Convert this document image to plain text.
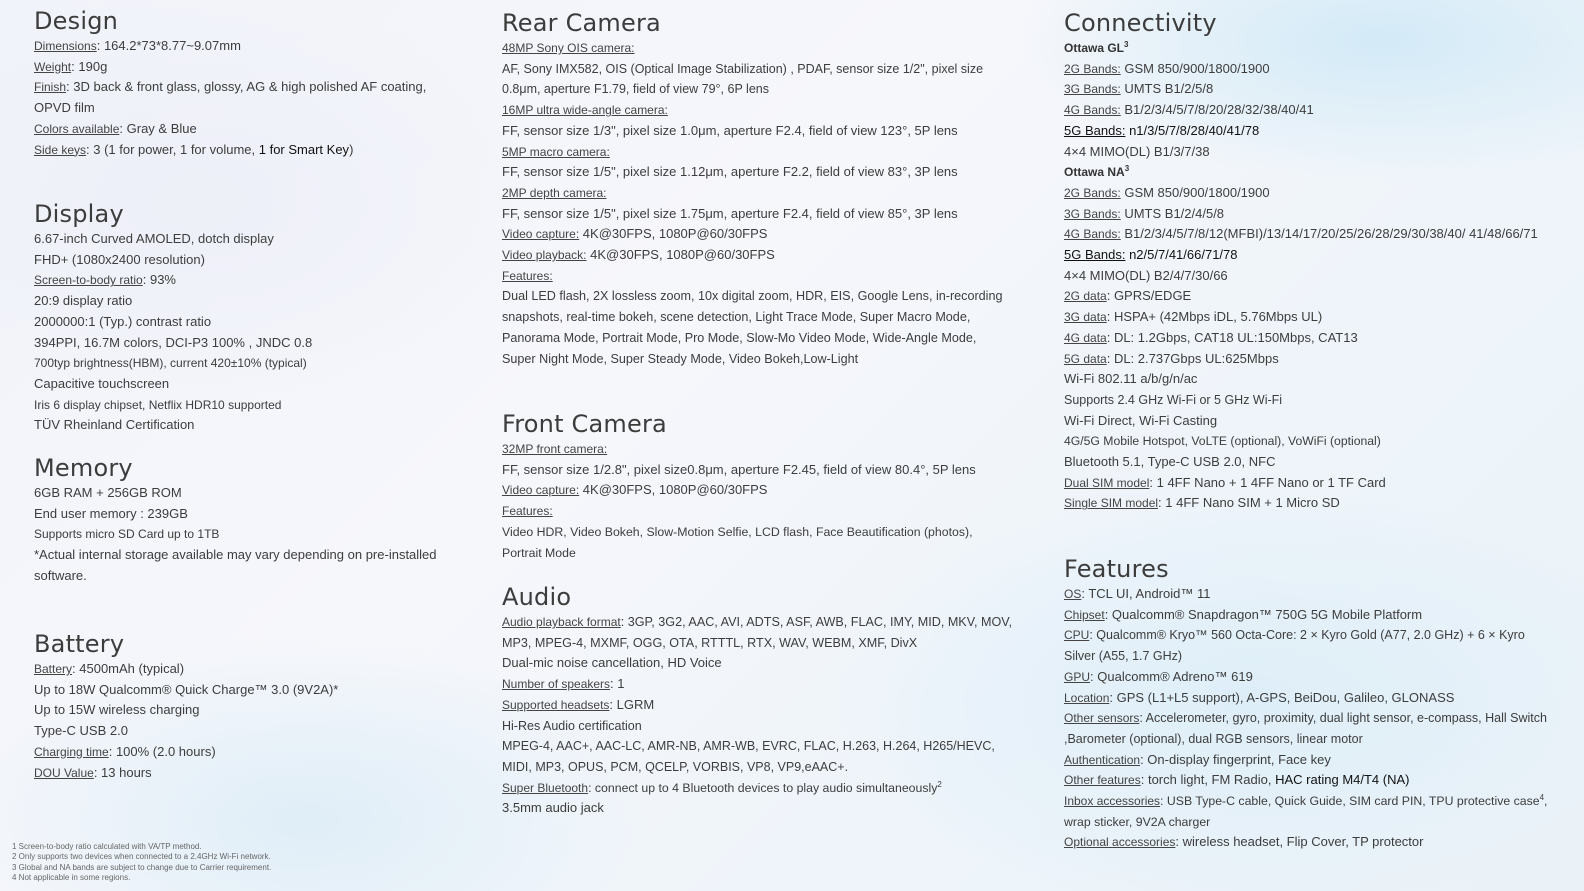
Design
Dimensions: 164.2*73*8.77~9.07mm
Weight: 190g
Finish: 3D back & front glass, glossy, AG & high polished AF coating, OPVD film
Colors available: Gray & Blue
Side keys: 3 (1 for power, 1 for volume, 1 for Smart Key)
Display
6.67-inch Curved AMOLED, dotch display
FHD+ (1080x2400 resolution)
Screen-to-body ratio: 93%
20:9 display ratio
2000000:1 (Typ.) contrast ratio
394PPI, 16.7M colors, DCI-P3 100% , JNDC 0.8
700typ brightness(HBM), current 420±10% (typical)
Capacitive touchscreen
Iris 6 display chipset, Netflix HDR10 supported
TÜV Rheinland Certification
Memory
6GB RAM + 256GB ROM
End user memory : 239GB
Supports micro SD Card up to 1TB
*Actual internal storage available may vary depending on pre-installed software.
Battery
Battery: 4500mAh (typical)
Up to 18W Qualcomm® Quick Charge™ 3.0 (9V2A)*
Up to 15W wireless charging
Type-C USB 2.0
Charging time: 100% (2.0 hours)
DOU Value: 13 hours
Rear Camera
48MP Sony OIS camera:
AF, Sony IMX582, OIS (Optical Image Stabilization) , PDAF, sensor size 1/2", pixel size 0.8μm, aperture F1.79, field of view 79°, 6P lens
16MP ultra wide-angle camera:
FF, sensor size 1/3", pixel size 1.0μm, aperture F2.4, field of view 123°, 5P lens
5MP macro camera:
FF, sensor size 1/5", pixel size 1.12μm, aperture F2.2, field of view 83°, 3P lens
2MP depth camera:
FF, sensor size 1/5", pixel size 1.75μm, aperture F2.4, field of view 85°, 3P lens
Video capture: 4K@30FPS, 1080P@60/30FPS
Video playback: 4K@30FPS, 1080P@60/30FPS
Features:
Dual LED flash, 2X lossless zoom, 10x digital zoom, HDR, EIS, Google Lens, in-recording snapshots, real-time bokeh, scene detection, Light Trace Mode, Super Macro Mode, Panorama Mode, Portrait Mode, Pro Mode, Slow-Mo Video Mode, Wide-Angle Mode, Super Night Mode, Super Steady Mode, Video Bokeh,Low-Light
Front Camera
32MP front camera:
FF, sensor size 1/2.8", pixel size0.8μm, aperture F2.45, field of view 80.4°, 5P lens
Video capture: 4K@30FPS, 1080P@60/30FPS
Features:
Video HDR, Video Bokeh, Slow-Motion Selfie, LCD flash, Face Beautification (photos), Portrait Mode
Audio
Audio playback format: 3GP, 3G2, AAC, AVI, ADTS, ASF, AWB, FLAC, IMY, MID, MKV, MOV, MP3, MPEG-4, MXMF, OGG, OTA, RTTTL, RTX, WAV, WEBM, XMF, DivX
Dual-mic noise cancellation, HD Voice
Number of speakers: 1
Supported headsets: LGRM
Hi-Res Audio certification
MPEG-4, AAC+, AAC-LC, AMR-NB, AMR-WB, EVRC, FLAC, H.263, H.264, H265/HEVC, MIDI, MP3, OPUS, PCM, QCELP, VORBIS, VP8, VP9,eAAC+.
Super Bluetooth: connect up to 4 Bluetooth devices to play audio simultaneously$^2$
3.5mm audio jack
Connectivity
Ottawa $GL^3$
2G Bands: GSM 850/900/1800/1900
3G Bands: UMTS B1/2/5/8
4G Bands: B1/2/3/4/5/7/8/20/28/32/38/40/41
5G Bands: n1/3/5/7/8/28/40/41/78
4×4 MIMO(DL) B1/3/7/38
Ottawa $NA^3$
2G Bands: GSM 850/900/1800/1900
3G Bands: UMTS B1/2/4/5/8
4G Bands: B1/2/3/4/5/7/8/12(MFBI)/13/14/17/20/25/26/28/29/30/38/40/ 41/48/66/71
5G Bands: n2/5/7/41/66/71/78
4×4 MIMO(DL) B2/4/7/30/66
2G data: GPRS/EDGE
3G data: HSPA+ (42Mbps iDL, 5.76Mbps UL)
4G data: DL: 1.2Gbps, CAT18 UL:150Mbps, CAT13
5G data: DL: 2.737Gbps UL:625Mbps
Wi-Fi 802.11 a/b/g/n/ac
Supports 2.4 GHz Wi-Fi or 5 GHz Wi-Fi
Wi-Fi Direct, Wi-Fi Casting
4G/5G Mobile Hotspot, VoLTE (optional), VoWiFi (optional)
Bluetooth 5.1, Type-C USB 2.0, NFC
Dual SIM model: 1 4FF Nano + 1 4FF Nano or 1 TF Card
Single SIM model: 1 4FF Nano SIM + 1 Micro SD
Features
OS: TCL UI, Android™ 11
Chipset: Qualcomm® Snapdragon™ 750G 5G Mobile Platform
CPU: Qualcomm® Kryo™ 560 Octa-Core: 2 × Kyro Gold (A77, 2.0 GHz) + 6 × Kyro Silver (A55, 1.7 GHz)
GPU: Qualcomm® Adreno™ 619
Location: GPS (L1+L5 support), A-GPS, BeiDou, Galileo, GLONASS
Other sensors: Accelerometer, gyro, proximity, dual light sensor, e-compass, Hall Switch ,Barometer (optional), dual RGB sensors, linear motor
Authentication: On-display fingerprint, Face key
Other features: torch light, FM Radio, HAC rating M4/T4 (NA)
Inbox accessories: USB Type-C cable, Quick Guide, SIM card PIN, TPU protective case$^4$, wrap sticker, 9V2A charger
Optional accessories: wireless headset, Flip Cover, TP protector
1 Screen-to-body ratio calculated with VA/TP method.
2 Only supports two devices when connected to a 2.4GHz Wi-Fi network.
3 Global and NA bands are subject to change due to Carrier requirement.
4 Not applicable in some regions.
